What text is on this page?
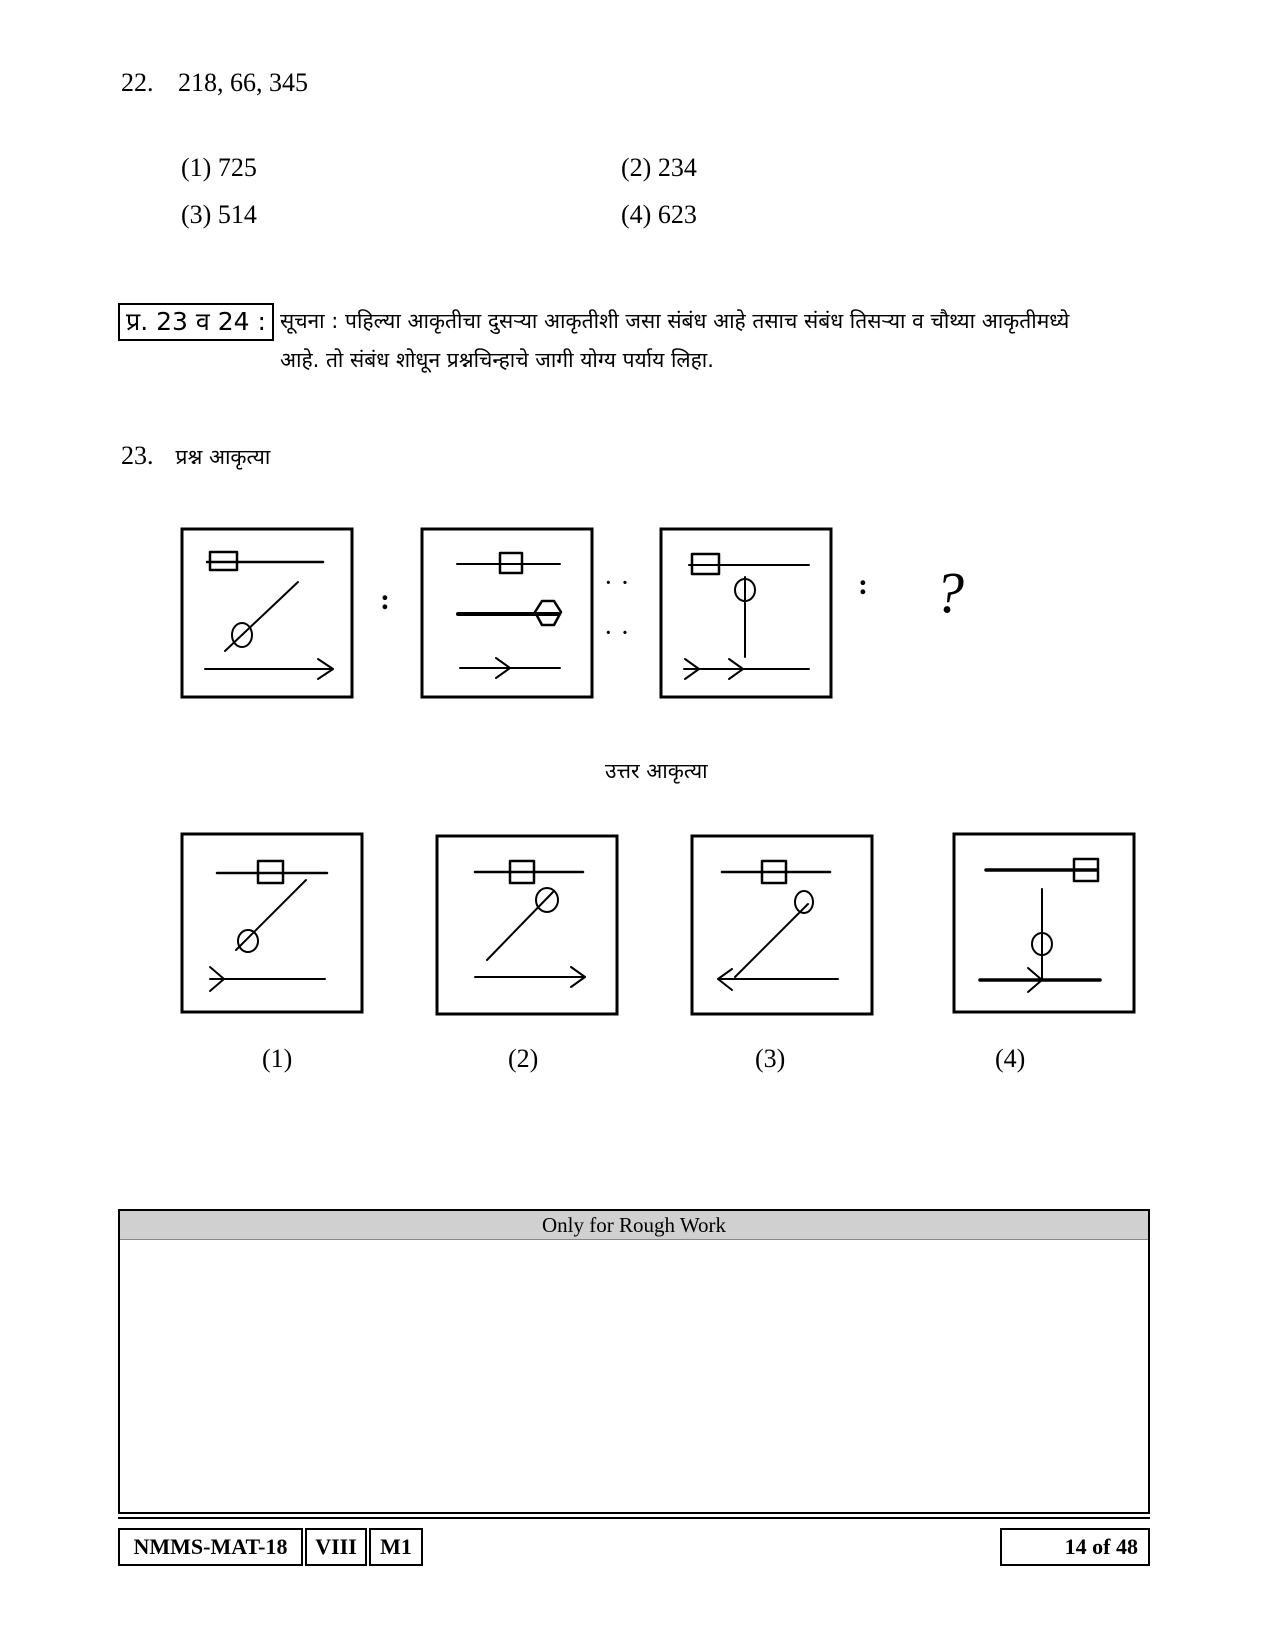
22. 218, 66, 345
(1) 725	(2) 234
(3) 514	(4) 623
प्र. 23 व 24 : सूचना : पहिल्या आकृतीचा दुसऱ्या आकृतीशी जसा संबंध आहे तसाच संबंध तिसऱ्या व चौथ्या आकृतीमध्ये
आहे. तो संबंध शोधून प्रश्नचिन्हाचे जागी योग्य पर्याय लिहा.
23. प्रश्न आकृत्या
:	··
··
: ?
उत्तर आकृत्या
(1)	(2)	(3)	(4)
Only for Rough Work
NMMS-MAT-18	VIII	M1	14 of 48
